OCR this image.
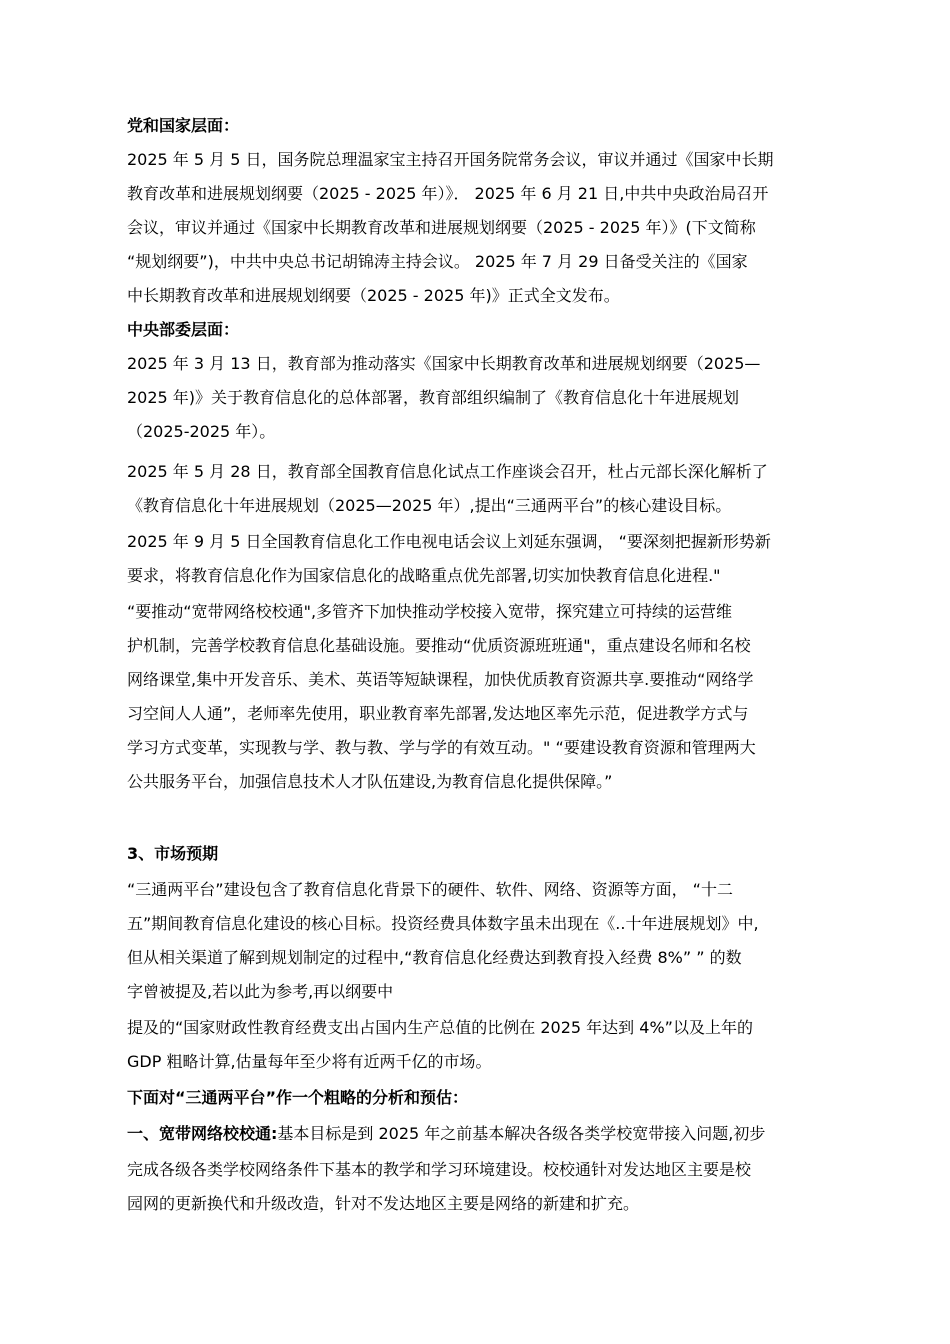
党和国家层面：
2025 年 5 月 5 日，国务院总理温家宝主持召开国务院常务会议，审议并通过《国家中长期
教育改革和进展规划纲要（2025 - 2025 年）》． 2025 年 6 月 21 日,中共中央政治局召开
会议，审议并通过《国家中长期教育改革和进展规划纲要（2025 - 2025 年）》(下文简称
“规划纲要”)，中共中央总书记胡锦涛主持会议。 2025 年 7 月 29 日备受关注的《国家
中长期教育改革和进展规划纲要（2025 - 2025 年)》正式全文发布。
中央部委层面：
2025 年 3 月 13 日，教育部为推动落实《国家中长期教育改革和进展规划纲要（2025—
2025 年)》关于教育信息化的总体部署，教育部组织编制了《教育信息化十年进展规划
（2025-2025 年）。
2025 年 5 月 28 日，教育部全国教育信息化试点工作座谈会召开，杜占元部长深化解析了
《教育信息化十年进展规划（2025—2025 年）,提出“三通两平台”的核心建设目标。
2025 年 9 月 5 日全国教育信息化工作电视电话会议上刘延东强调， “要深刻把握新形势新
要求，将教育信息化作为国家信息化的战略重点优先部署,切实加快教育信息化进程."
“要推动“宽带网络校校通",多管齐下加快推动学校接入宽带，探究建立可持续的运营维
护机制，完善学校教育信息化基础设施。要推动“优质资源班班通"，重点建设名师和名校
网络课堂,集中开发音乐、美术、英语等短缺课程，加快优质教育资源共享.要推动“网络学
习空间人人通”，老师率先使用，职业教育率先部署,发达地区率先示范，促进教学方式与
学习方式变革，实现教与学、教与教、学与学的有效互动。" “要建设教育资源和管理两大
公共服务平台，加强信息技术人才队伍建设,为教育信息化提供保障。”
3、市场预期
“三通两平台”建设包含了教育信息化背景下的硬件、软件、网络、资源等方面， “十二
五”期间教育信息化建设的核心目标。投资经费具体数字虽未出现在《..十年进展规划》中,
但从相关渠道了解到规划制定的过程中,“教育信息化经费达到教育投入经费 8%” ” 的数
字曾被提及,若以此为参考,再以纲要中
提及的“国家财政性教育经费支出占国内生产总值的比例在 2025 年达到 4%”以及上年的
GDP 粗略计算,估量每年至少将有近两千亿的市场。
下面对“三通两平台”作一个粗略的分析和预估：
一、宽带网络校校通:基本目标是到 2025 年之前基本解决各级各类学校宽带接入问题,初步
完成各级各类学校网络条件下基本的教学和学习环境建设。校校通针对发达地区主要是校
园网的更新换代和升级改造，针对不发达地区主要是网络的新建和扩充。
